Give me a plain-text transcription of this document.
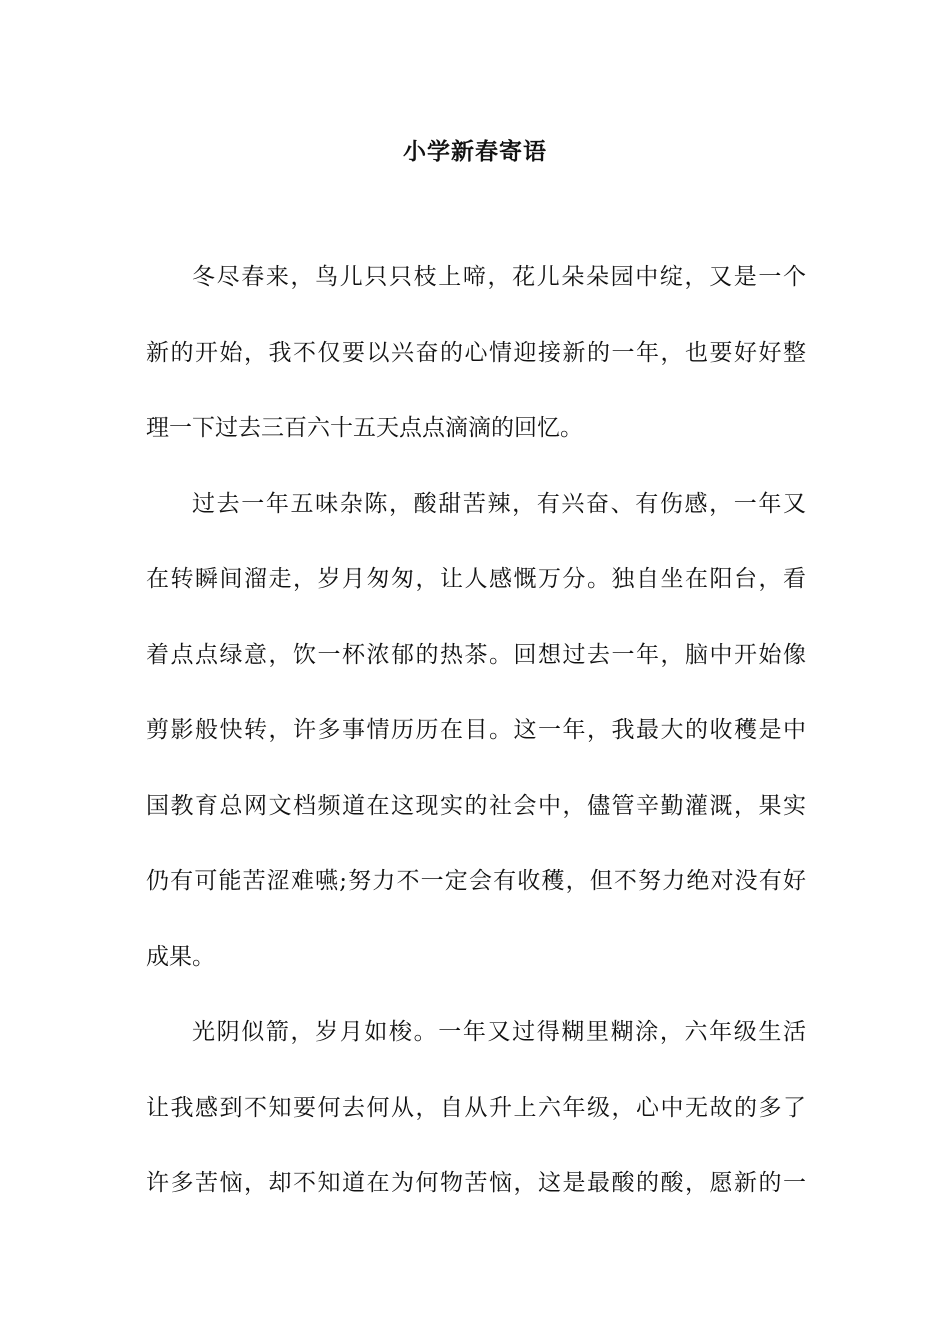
小学新春寄语
冬尽春来，鸟儿只只枝上啼，花儿朵朵园中绽，又是一个
新的开始，我不仅要以兴奋的心情迎接新的一年，也要好好整
理一下过去三百六十五天点点滴滴的回忆。
过去一年五味杂陈，酸甜苦辣，有兴奋、有伤感，一年又
在转瞬间溜走，岁月匆匆，让人感慨万分。独自坐在阳台，看
着点点绿意，饮一杯浓郁的热茶。回想过去一年，脑中开始像
剪影般快转，许多事情历历在目。这一年，我最大的收穫是中
国教育总网文档频道在这现实的社会中，儘管辛勤灌溉，果实
仍有可能苦涩难嚥;努力不一定会有收穫，但不努力绝对没有好
成果。
光阴似箭，岁月如梭。一年又过得糊里糊涂，六年级生活
让我感到不知要何去何从，自从升上六年级，心中无故的多了
许多苦恼，却不知道在为何物苦恼，这是最酸的酸，愿新的一
